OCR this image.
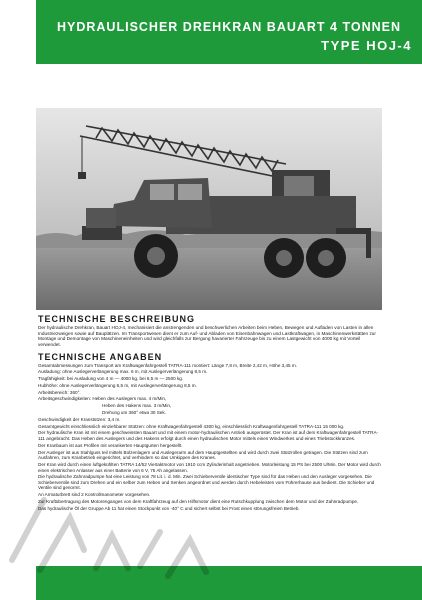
HYDRAULISCHER DREHKRAN BAUART 4 TONNEN
TYPE HOJ-4
TECHNISCHE BESCHREIBUNG

Der hydraulische Drehkran, Bauart HOJ-4, mechanisiert die anstrengenden und beschwerlichen Arbeiten beim Heben, Bewegen und Aufladen von Lasten in allen Industriezweigen sowie auf Bauplätzen. Im Transportwesen dient er zum Auf- und Abladen von Eisenbahnwagen und Lastkraftwagen, in Maschinenwerkstätten zur Montage und Demontage von Maschineneinheiten und wird gleichfalls zur Bergung havarierter Fahrzeuge bis zu einem Lastgewicht von 4000 kg mit Vorteil verwendet.

TECHNISCHE ANGABEN

Gesamtabmessungen zum Transport am Kraftwagenfahrgestell TATRA-111 montiert: Länge 7,8 m, Breite 2,42 m, Höhe 3,45 m.

Ausladung: ohne Auslegerverlängerung max. 6 m, mit Auslegerverlängerung 8,5 m.

Tragfähigkeit: bei Ausladung von 4 m — 4000 kg, bei 8,5 m — 2500 kg.

Hubhöhe: ohne Auslegerverlängerung 6,5 m, mit Auslegerverlängerung 8,5 m.

Arbeitsbereich: 360°.

Arbeitsgeschwindigkeiten: Heben des Auslegers max. 4 m/Min,

Heben des Hakens max. 3 m/Min,

Drehung um 360° etwa 30 Sek.

Geschwindigkeit der Kranstützen: 3,4 m.

Gesamtgewicht einschliesslich einziehbarer Stützen: ohne Kraftwagenfahrgestell 4300 kg, einschliesslich Kraftwagenfahrgestell TATRA-111 15 000 kg.

Der hydraulische Kran ist mit einem geschweissten Bauart und mit einem motor-hydraulischen Antrieb ausgerüstet. Der Kran ist auf dem Kraftwagenfahrgestell TATRA-111 angebracht. Das Heben des Auslegers und des Hakens erfolgt durch einen hydraulischen Motor mittels eines Windwerkes und eines Triebstockkranzes.

Der Kranbaum ist aus Profilen mit verankerten Hauptgurten hergestellt.

Der Ausleger ist aus Stahlguss teil mittels Bolzenlagern und Auslegerarm auf dem Hauptgestellten und wird durch zwei Stützrollen getragen. Die Stützen sind zum Ausfahren, zum Kranbetrieb eingerichtet, und verhindern so das Umkippen des Kranes.

Der Kran wird durch einen luftgekühlten TATRA 14/52 Viertaktmotor von 1910 ccm Zylinderinhalt angetrieben. Motorleistung 15 PS bei 2500 U/Min. Der Motor wird durch einen elektrischen Anlasser aus einer Batterie von 6 V, 75 Ah angelassen.

Die hydraulische Zahnradpumpe hat eine Leistung von 78 Lit. i. d. Min. Zwei Schieberventile identischer Type sind für das Heben und den Ausleger vorgesehen. Die Schieberventile sind zum Drehen und ein selber zum Heben und Senken angeordnet und werden durch Hebeleisten vom Führerhause aus bedient. Die Schieber und Ventile sind genormt.

An Armaturbrett sind 2 Kontrollmanometer vorgesehen.

Zur Kraftübertragung des Motorenganges von dem Kraftfahrzeug auf den Hilfsmotor dient eine Rutschkupplung zwischen dem Motor und der Zahnradpumpe.

Das hydraulische Öl der Gruppe Ab 11 hat einen Stockpunkt von -40° C und sichert selbst bei Frost einen störungsfreien Betrieb.
